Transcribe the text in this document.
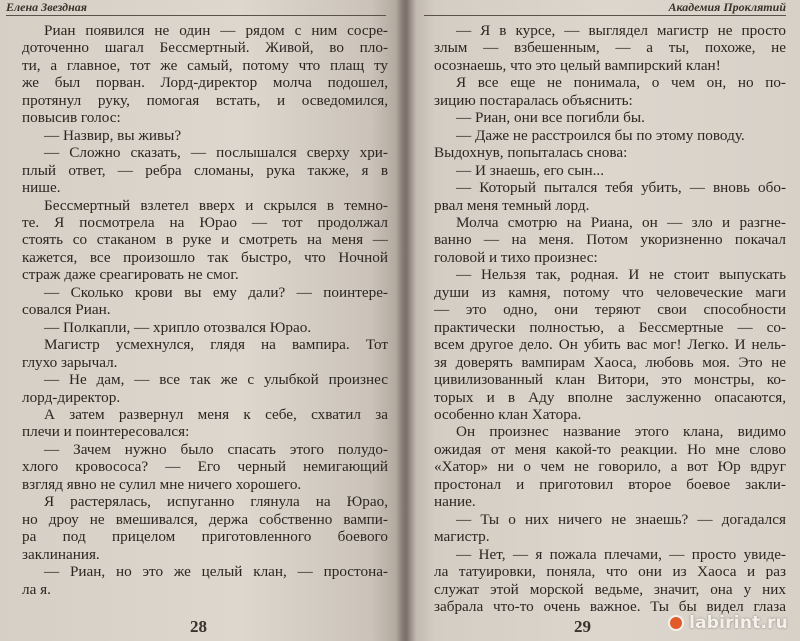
Елена Звездная

Риан появился не один — рядом с ним сосре-

доточенно шагал Бессмертный. Живой, во пло-

ти, а главное, тот же самый, потому что плащ ту

же был порван. Лорд-директор молча подошел,

протянул руку, помогая встать, и осведомился,

повысив голос:

— Назвир, вы живы?

— Сложно сказать, — послышался сверху хри-

плый ответ, — ребра сломаны, рука также, я в

нише.

Бессмертный взлетел вверх и скрылся в темно-

те. Я посмотрела на Юрао — тот продолжал

стоять со стаканом в руке и смотреть на меня —

кажется, все произошло так быстро, что Ночной

страж даже среагировать не смог.

— Сколько крови вы ему дали? — поинтере-

совался Риан.

— Полкапли, — хрипло отозвался Юрао.

Магистр усмехнулся, глядя на вампира. Тот

глухо зарычал.

— Не дам, — все так же с улыбкой произнес

лорд-директор.

А затем развернул меня к себе, схватил за

плечи и поинтересовался:

— Зачем нужно было спасать этого полудо-

хлого кровососа? — Его черный немигающий

взгляд явно не сулил мне ничего хорошего.

Я растерялась, испуганно глянула на Юрао,

но дроу не вмешивался, держа собственно вампи-

ра под прицелом приготовленного боевого

заклинания.

— Риан, но это же целый клан, — простона-

ла я.

28
Академия Проклятий

— Я в курсе, — выглядел магистр не просто

злым — взбешенным, — а ты, похоже, не

осознаешь, что это целый вампирский клан!

Я все еще не понимала, о чем он, но по-

зицию постаралась объяснить:

— Риан, они все погибли бы.

— Даже не расстроился бы по этому поводу.

Выдохнув, попыталась снова:

— И знаешь, его сын...

— Который пытался тебя убить, — вновь обо-

рвал меня темный лорд.

Молча смотрю на Риана, он — зло и разгне-

ванно — на меня. Потом укоризненно покачал

головой и тихо произнес:

— Нельзя так, родная. И не стоит выпускать

души из камня, потому что человеческие маги

— это одно, они теряют свои способности

практически полностью, а Бессмертные — со-

всем другое дело. Он убить вас мог! Легко. И нель-

зя доверять вампирам Хаоса, любовь моя. Это не

цивилизованный клан Витори, это монстры, ко-

торых и в Аду вполне заслуженно опасаются,

особенно клан Хатора.

Он произнес название этого клана, видимо

ожидая от меня какой-то реакции. Но мне слово

«Хатор» ни о чем не говорило, а вот Юр вдруг

простонал и приготовил второе боевое закли-

нание.

— Ты о них ничего не знаешь? — догадался

магистр.

— Нет, — я пожала плечами, — просто увиде-

ла татуировки, поняла, что они из Хаоса и раз

служат этой морской ведьме, значит, она у них

забрала что-то очень важное. Ты бы видел глаза

29	labirint.ru
